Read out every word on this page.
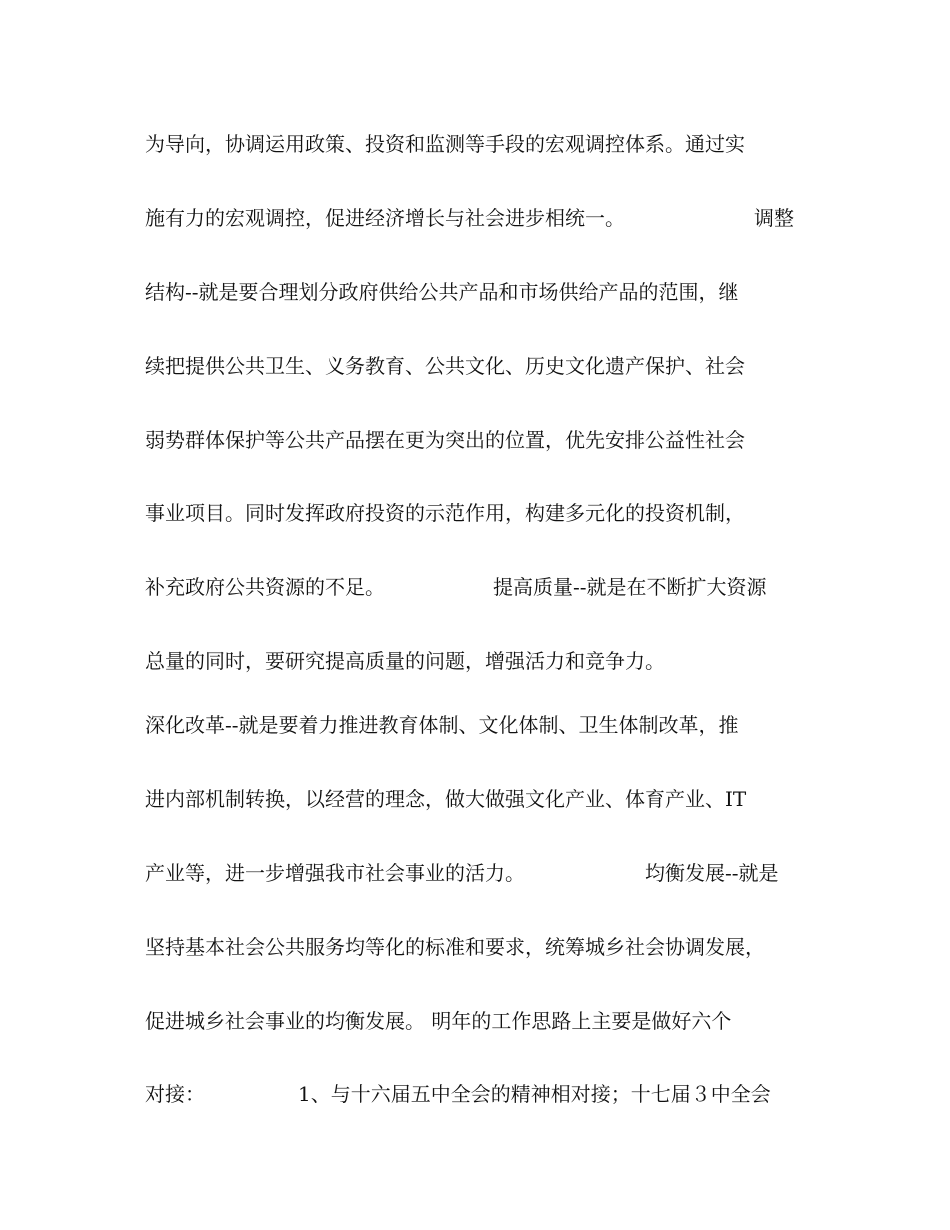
为导向，协调运用政策、投资和监测等手段的宏观调控体系。通过实
施有力的宏观调控，促进经济增长与社会进步相统一。	调整
结构--就是要合理划分政府供给公共产品和市场供给产品的范围，继
续把提供公共卫生、义务教育、公共文化、历史文化遗产保护、社会
弱势群体保护等公共产品摆在更为突出的位置，优先安排公益性社会
事业项目。同时发挥政府投资的示范作用，构建多元化的投资机制，
补充政府公共资源的不足。	提高质量--就是在不断扩大资源
总量的同时，要研究提高质量的问题，增强活力和竞争力。
深化改革--就是要着力推进教育体制、文化体制、卫生体制改革，推
进内部机制转换，以经营的理念，做大做强文化产业、体育产业、IT
产业等，进一步增强我市社会事业的活力。	均衡发展--就是
坚持基本社会公共服务均等化的标准和要求，统筹城乡社会协调发展，
促进城乡社会事业的均衡发展。 明年的工作思路上主要是做好六个
对接：	1、与十六届五中全会的精神相对接；十七届３中全会
